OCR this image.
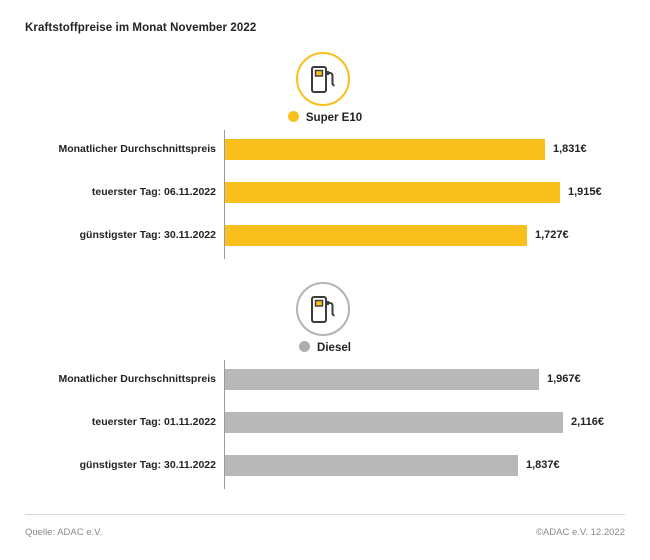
Kraftstoffpreise im Monat November 2022
Super E10
Monatlicher Durchschnittspreis	1,831€
teuerster Tag: 06.11.2022	1,915€
günstigster Tag: 30.11.2022	1,727€
Diesel
Monatlicher Durchschnittspreis	1,967€
teuerster Tag: 01.11.2022	2,116€
günstigster Tag: 30.11.2022	1,837€
Quelle: ADAC e.V.	©ADAC e.V. 12.2022
